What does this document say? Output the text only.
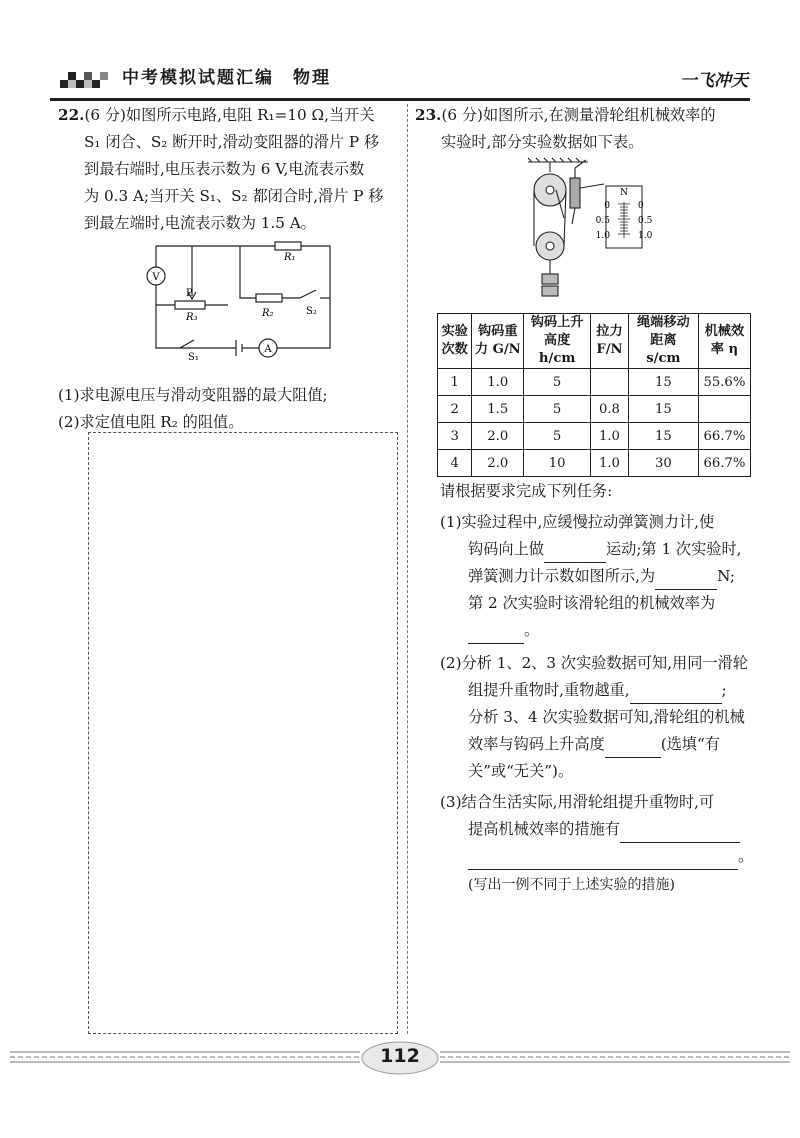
中考模拟试题汇编　物理	一飞冲天

22.(6 分)如图所示电路,电阻 R₁=10 Ω,当开关

S₁ 闭合、S₂ 断开时,滑动变阻器的滑片 P 移

到最右端时,电压表示数为 6 V,电流表示数

为 0.3 A;当开关 S₁、S₂ 都闭合时,滑片 P 移

到最左端时,电流表示数为 1.5 A。

V
A
P
R₃
R₁
R₂	S₂
S₁

(1)求电源电压与滑动变阻器的最大阻值;

(2)求定值电阻 R₂ 的阻值。

23.(6 分)如图所示,在测量滑轮组机械效率的

实验时,部分实验数据如下表。

N
0
0.5
1.0
0
0.5
1.0
实验次数	钩码重力 G/N	钩码上升高度 h/cm	拉力 F/N	绳端移动距离 s/cm	机械效率 η
1	1.0	5		15	55.6%
2	1.5	5	0.8	15	
3	2.0	5	1.0	15	66.7%
4	2.0	10	1.0	30	66.7%

请根据要求完成下列任务:

(1)实验过程中,应缓慢拉动弹簧测力计,使

钩码向上做	运动;第 1 次实验时,

弹簧测力计示数如图所示,为	N;

第 2 次实验时该滑轮组的机械效率为

。

(2)分析 1、2、3 次实验数据可知,用同一滑轮

组提升重物时,重物越重,	;

分析 3、4 次实验数据可知,滑轮组的机械

效率与钩码上升高度	(选填“有

关”或“无关”)。

(3)结合生活实际,用滑轮组提升重物时,可

提高机械效率的措施有

。

(写出一例不同于上述实验的措施)

112
